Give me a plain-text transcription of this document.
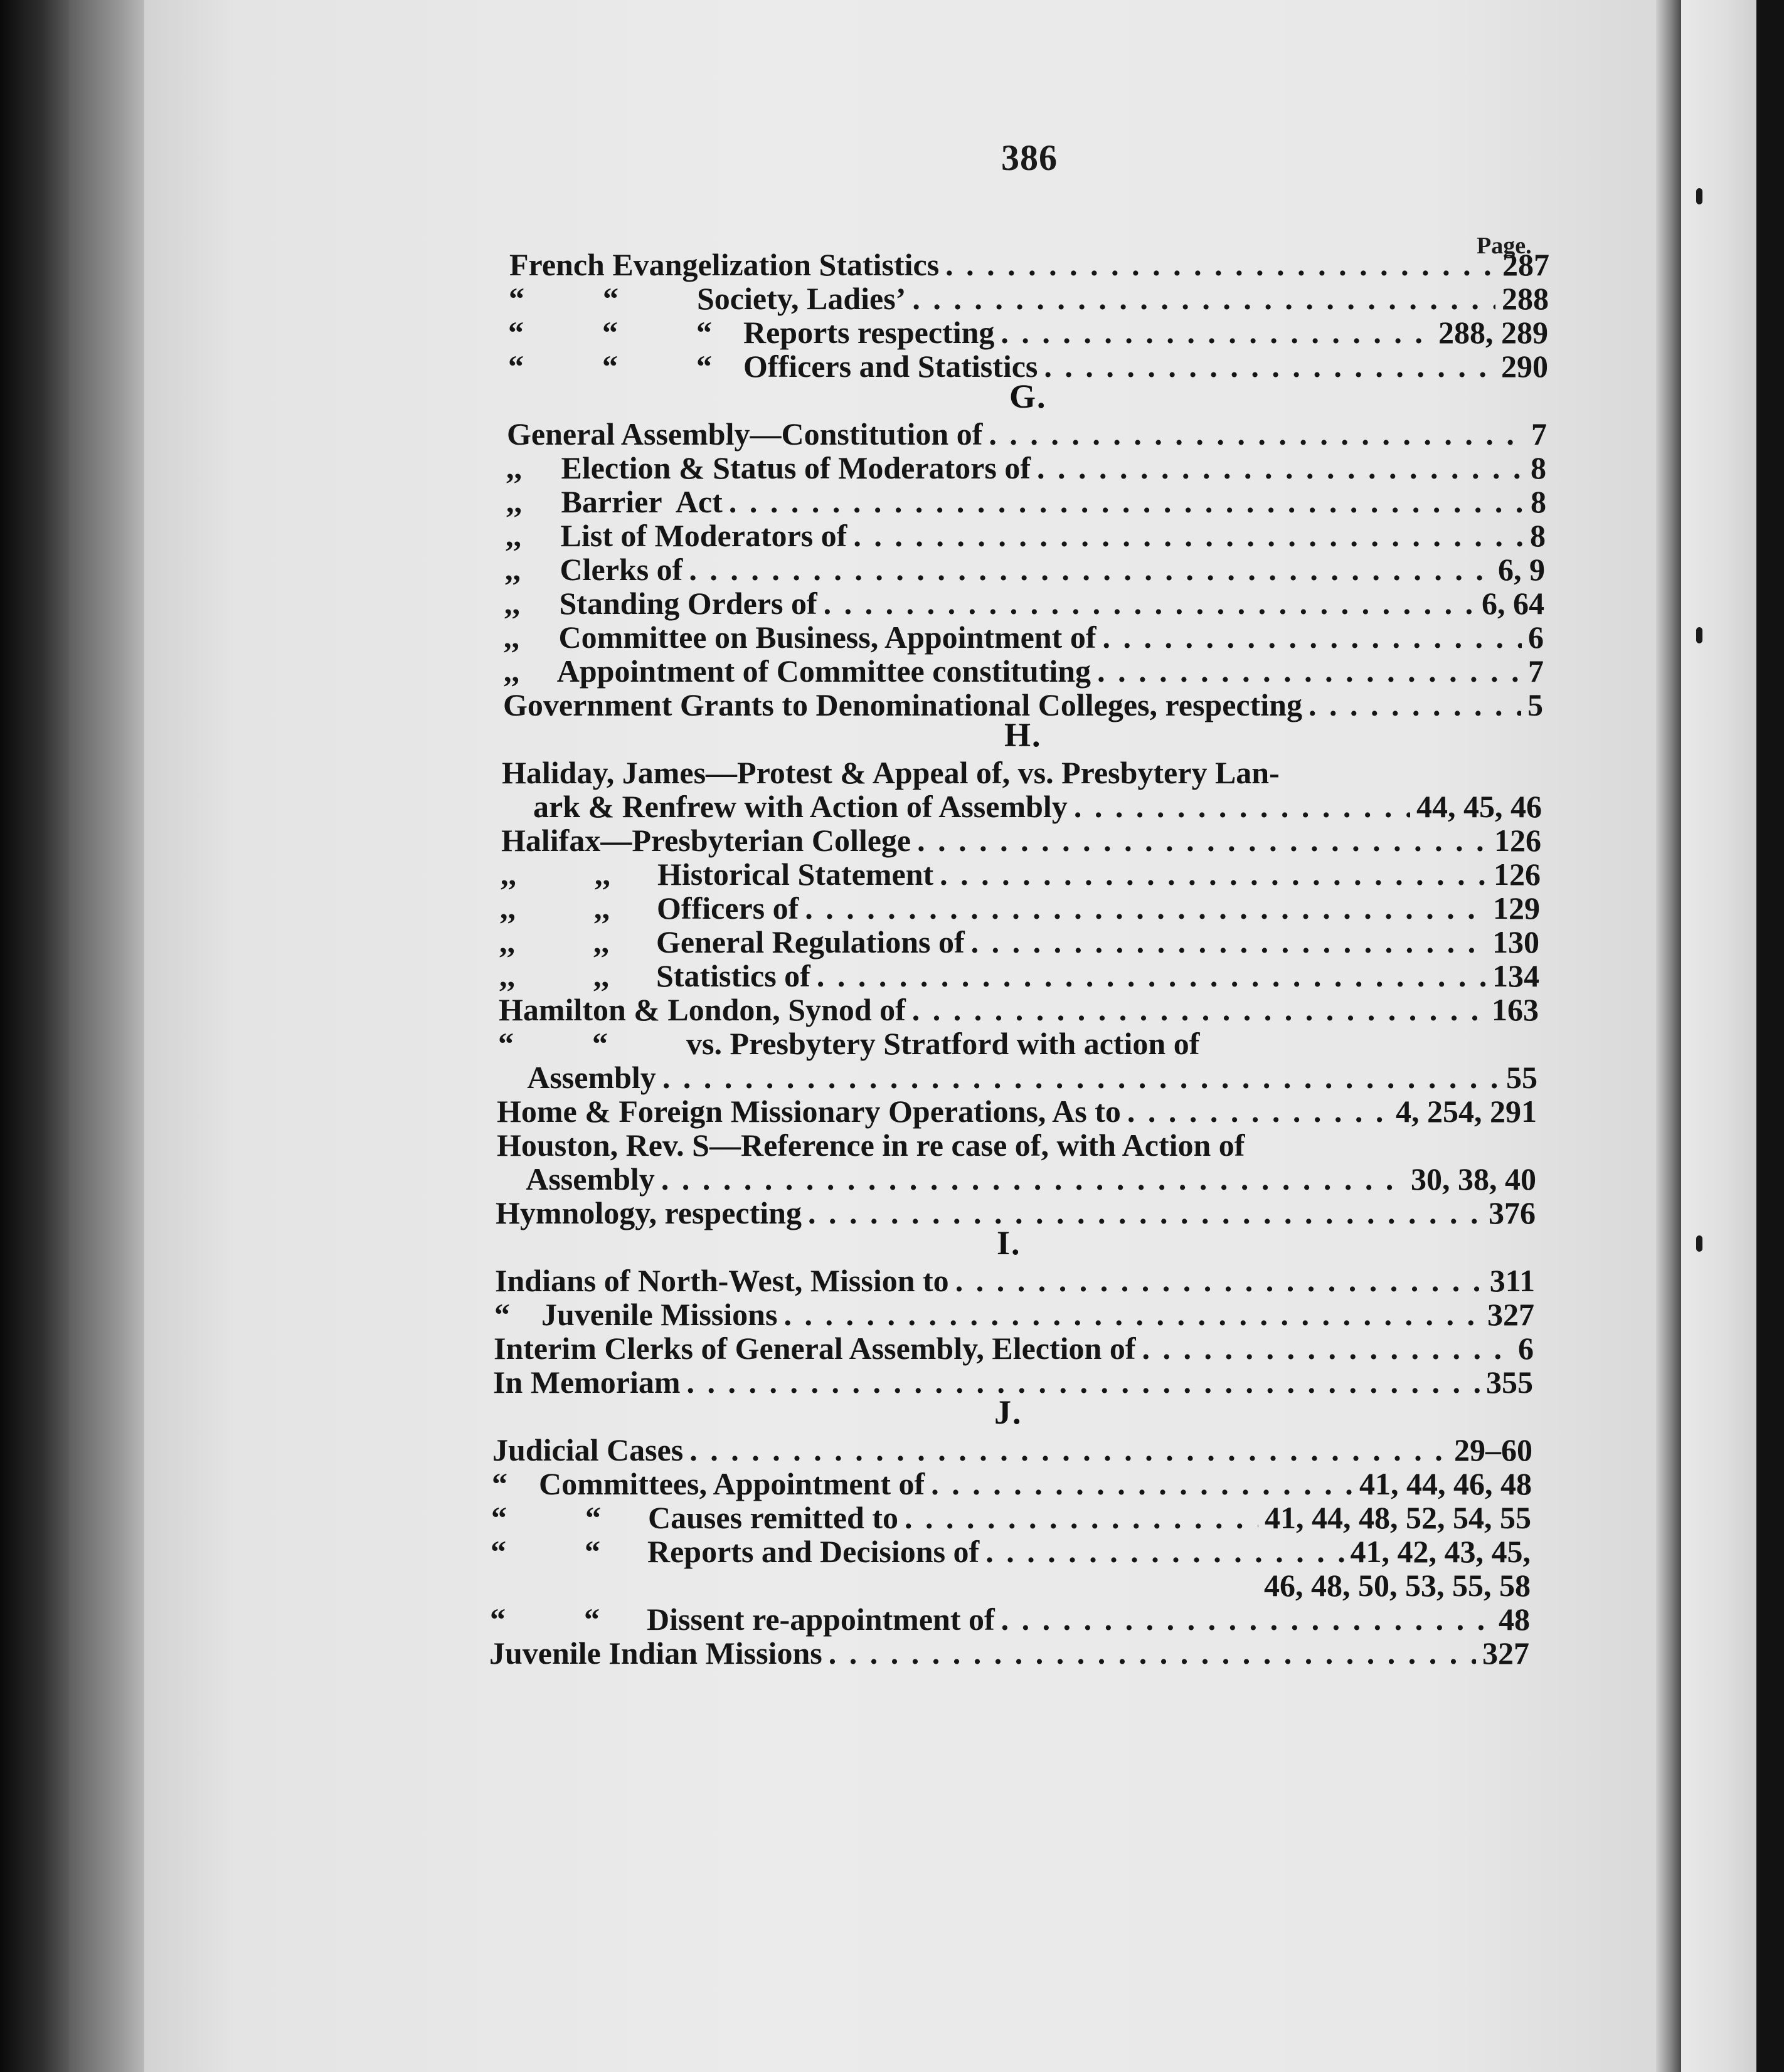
386
Page.
French Evangelization Statistics . . .	287
“          “          Society, Ladies’ . . .	288
“          “          “    Reports respecting . . .	288, 289
“          “          “    Officers and Statistics . . .	290
G.
General Assembly—Constitution of . . .	7
,,     Election & Status of Moderators of . . .	8
,,     Barrier  Act . . .	8
,,     List of Moderators of . . .	8
,,     Clerks of . . .	6, 9
,,     Standing Orders of . . .	6, 64
,,     Committee on Business, Appointment of . . .	6
,,     Appointment of Committee constituting . . .	7
Government Grants to Denominational Colleges, respecting . . .	5
H.
Haliday, James—Protest & Appeal of, vs. Presbytery Lan-
ark & Renfrew with Action of Assembly . . .	44, 45, 46
Halifax—Presbyterian College . . .	126
,,          ,,      Historical Statement . . .	126
,,          ,,      Officers of . . .	129
,,          ,,      General Regulations of . . .	130
,,          ,,      Statistics of . . .	134
Hamilton & London, Synod of . . .	163
“          “          vs. Presbytery Stratford with action of
Assembly . . .	55
Home & Foreign Missionary Operations, As to . . .	4, 254, 291
Houston, Rev. S—Reference in re case of, with Action of
Assembly . . .	30, 38, 40
Hymnology, respecting . . .	376
I.
Indians of North-West, Mission to . . .	311
“    Juvenile Missions . . .	327
Interim Clerks of General Assembly, Election of . . .	6
In Memoriam . . .	355
J.
Judicial Cases . . .	29–60
“    Committees, Appointment of . . .	41, 44, 46, 48
“          “      Causes remitted to . . .	41, 44, 48, 52, 54, 55
“          “      Reports and Decisions of . . .	41, 42, 43, 45,
46, 48, 50, 53, 55, 58
“          “      Dissent re-appointment of . . .	48
Juvenile Indian Missions . . .	327
